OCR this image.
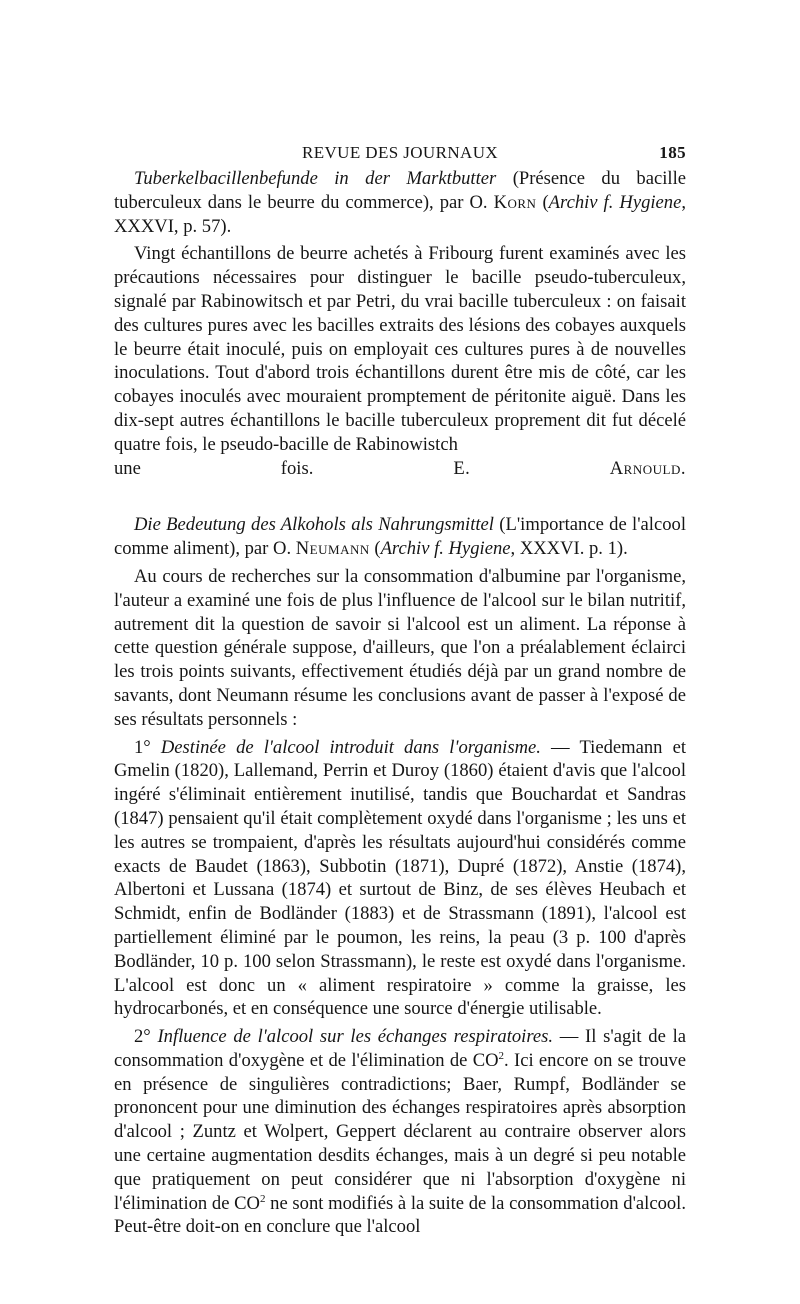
REVUE DES JOURNAUX	185

Tuberkelbacillenbefunde in der Marktbutter (Présence du bacille tuberculeux dans le beurre du commerce), par O. Korn (Archiv f. Hygiene, XXXVI, p. 57).

Vingt échantillons de beurre achetés à Fribourg furent examinés avec les précautions nécessaires pour distinguer le bacille pseudo-tuberculeux, signalé par Rabinowitsch et par Petri, du vrai bacille tuberculeux : on faisait des cultures pures avec les bacilles extraits des lésions des cobayes auxquels le beurre était inoculé, puis on employait ces cultures pures à de nouvelles inoculations. Tout d'abord trois échantillons durent être mis de côté, car les cobayes inoculés avec mouraient promptement de péritonite aiguë. Dans les dix-sept autres échantillons le bacille tuberculeux proprement dit fut décelé quatre fois, le pseudo-bacille de Rabinowistch

une fois.	E. Arnould.

Die Bedeutung des Alkohols als Nahrungsmittel (L'importance de l'alcool comme aliment), par O. Neumann (Archiv f. Hygiene, XXXVI. p. 1).

Au cours de recherches sur la consommation d'albumine par l'organisme, l'auteur a examiné une fois de plus l'influence de l'alcool sur le bilan nutritif, autrement dit la question de savoir si l'alcool est un aliment. La réponse à cette question générale suppose, d'ailleurs, que l'on a préalablement éclairci les trois points suivants, effectivement étudiés déjà par un grand nombre de savants, dont Neumann résume les conclusions avant de passer à l'exposé de ses résultats personnels :

1° Destinée de l'alcool introduit dans l'organisme. — Tiedemann et Gmelin (1820), Lallemand, Perrin et Duroy (1860) étaient d'avis que l'alcool ingéré s'éliminait entièrement inutilisé, tandis que Bouchardat et Sandras (1847) pensaient qu'il était complètement oxydé dans l'organisme ; les uns et les autres se trompaient, d'après les résultats aujourd'hui considérés comme exacts de Baudet (1863), Subbotin (1871), Dupré (1872), Anstie (1874), Albertoni et Lussana (1874) et surtout de Binz, de ses élèves Heubach et Schmidt, enfin de Bodländer (1883) et de Strassmann (1891), l'alcool est partiellement éliminé par le poumon, les reins, la peau (3 p. 100 d'après Bodländer, 10 p. 100 selon Strassmann), le reste est oxydé dans l'organisme. L'alcool est donc un « aliment respiratoire » comme la graisse, les hydrocarbonés, et en conséquence une source d'énergie utilisable.

2° Influence de l'alcool sur les échanges respiratoires. — Il s'agit de la consommation d'oxygène et de l'élimination de $CO^2$. Ici encore on se trouve en présence de singulières contradictions; Baer, Rumpf, Bodländer se prononcent pour une diminution des échanges respiratoires après absorption d'alcool ; Zuntz et Wolpert, Geppert déclarent au contraire observer alors une certaine augmentation desdits échanges, mais à un degré si peu notable que pratiquement on peut considérer que ni l'absorption d'oxygène ni l'élimination de $CO^2$ ne sont modifiés à la suite de la consommation d'alcool. Peut-être doit-on en conclure que l'alcool
